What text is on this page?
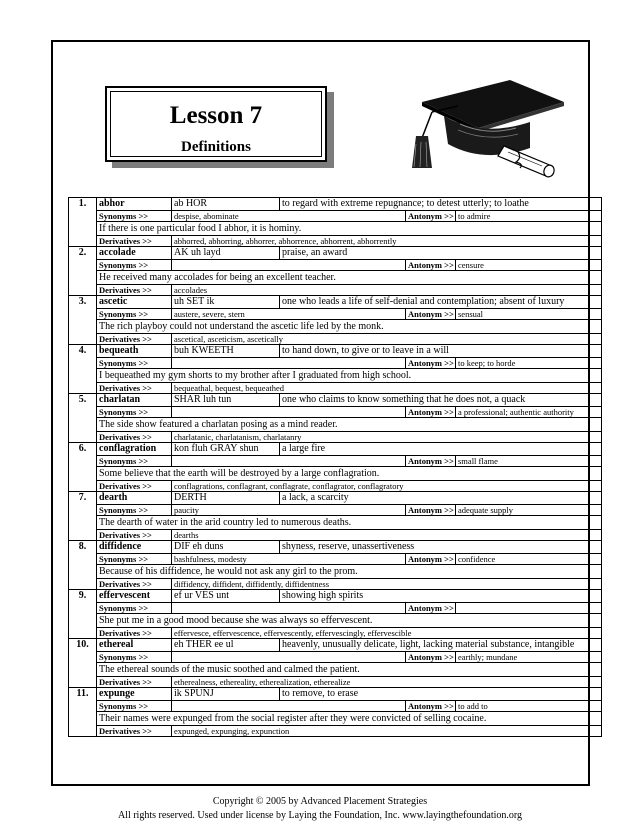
Lesson 7
Definitions
1.	abhor	ab HOR	to regard with extreme repugnance; to detest utterly; to loathe		
	Synonyms >>	despise, abominate		Antonym >>	to admire
	If there is one particular food I abhor, it is hominy.				
	Derivatives >>	abhorred, abhorring, abhorrer, abhorrence, abhorrent, abhorrently			
2.	accolade	AK uh layd	praise, an award		
	Synonyms >>			Antonym >>	censure
	He received many accolades for being an excellent teacher.				
	Derivatives >>	accolades			
3.	ascetic	uh SET ik	one who leads a life of self-denial and contemplation; absent of luxury		
	Synonyms >>	austere, severe, stern		Antonym >>	sensual
	The rich playboy could not understand the ascetic life led by the monk.				
	Derivatives >>	ascetical, asceticism, ascetically			
4.	bequeath	buh KWEETH	to hand down, to give or to leave in a will		
	Synonyms >>			Antonym >>	to keep; to horde
	I bequeathed my gym shorts to my brother after I graduated from high school.				
	Derivatives >>	bequeathal, bequest, bequeathed			
5.	charlatan	SHAR luh tun	one who claims to know something that he does not, a quack		
	Synonyms >>			Antonym >>	a professional; authentic authority
	The side show featured a charlatan posing as a mind reader.				
	Derivatives >>	charlatanic, charlatanism, charlatanry			
6.	conflagration	kon fluh GRAY shun	a large fire		
	Synonyms >>			Antonym >>	small flame
	Some believe that the earth will be destroyed by a large conflagration.				
	Derivatives >>	conflagrations, conflagrant, conflagrate, conflagrator, conflagratory			
7.	dearth	DERTH	a lack, a scarcity		
	Synonyms >>	paucity		Antonym >>	adequate supply
	The dearth of water in the arid country led to numerous deaths.				
	Derivatives >>	dearths			
8.	diffidence	DIF eh duns	shyness, reserve, unassertiveness		
	Synonyms >>	bashfulness, modesty		Antonym >>	confidence
	Because of his diffidence, he would not ask any girl to the prom.				
	Derivatives >>	diffidency, diffident, diffidently, diffidentness			
9.	effervescent	ef ur VES unt	showing high spirits		
	Synonyms >>			Antonym >>	
	She put me in a good mood because she was always so effervescent.				
	Derivatives >>	effervesce, effervescence, effervescently, effervescingly, effervescible			
10.	ethereal	eh THER ee ul	heavenly, unusually delicate, light, lacking material substance, intangible		
	Synonyms >>			Antonym >>	earthly; mundane
	The ethereal sounds of the music soothed and calmed the patient.				
	Derivatives >>	etherealness, ethereality, etherealization, etherealize			
11.	expunge	ik SPUNJ	to remove, to erase		
	Synonyms >>			Antonym >>	to add to
	Their names were expunged from the social register after they were convicted of selling cocaine.				
	Derivatives >>	expunged, expunging, expunction			
Copyright © 2005 by Advanced Placement Strategies
All rights reserved. Used under license by Laying the Foundation, Inc. www.layingthefoundation.org
